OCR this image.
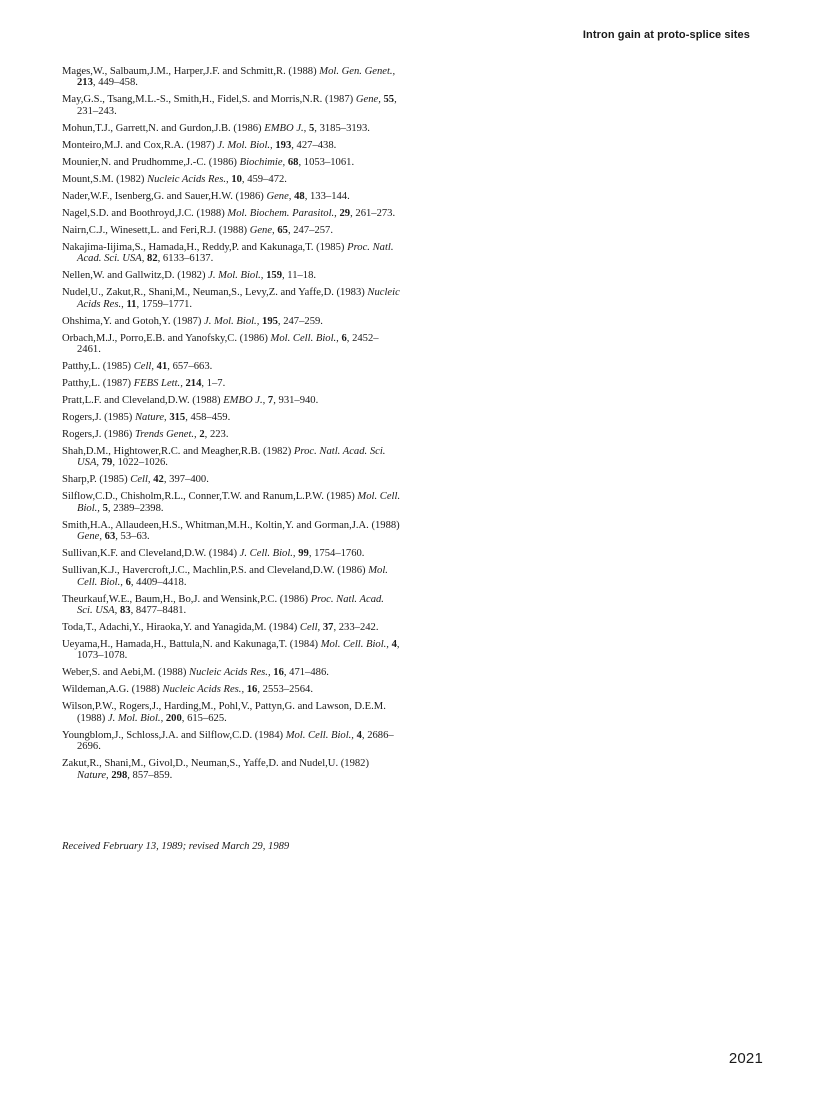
Intron gain at proto-splice sites
Mages,W., Salbaum,J.M., Harper,J.F. and Schmitt,R. (1988) Mol. Gen. Genet., 213, 449–458.
May,G.S., Tsang,M.L.-S., Smith,H., Fidel,S. and Morris,N.R. (1987) Gene, 55, 231–243.
Mohun,T.J., Garrett,N. and Gurdon,J.B. (1986) EMBO J., 5, 3185–3193.
Monteiro,M.J. and Cox,R.A. (1987) J. Mol. Biol., 193, 427–438.
Mounier,N. and Prudhomme,J.-C. (1986) Biochimie, 68, 1053–1061.
Mount,S.M. (1982) Nucleic Acids Res., 10, 459–472.
Nader,W.F., Isenberg,G. and Sauer,H.W. (1986) Gene, 48, 133–144.
Nagel,S.D. and Boothroyd,J.C. (1988) Mol. Biochem. Parasitol., 29, 261–273.
Nairn,C.J., Winesett,L. and Feri,R.J. (1988) Gene, 65, 247–257.
Nakajima-Iijima,S., Hamada,H., Reddy,P. and Kakunaga,T. (1985) Proc. Natl. Acad. Sci. USA, 82, 6133–6137.
Nellen,W. and Gallwitz,D. (1982) J. Mol. Biol., 159, 11–18.
Nudel,U., Zakut,R., Shani,M., Neuman,S., Levy,Z. and Yaffe,D. (1983) Nucleic Acids Res., 11, 1759–1771.
Ohshima,Y. and Gotoh,Y. (1987) J. Mol. Biol., 195, 247–259.
Orbach,M.J., Porro,E.B. and Yanofsky,C. (1986) Mol. Cell. Biol., 6, 2452–2461.
Patthy,L. (1985) Cell, 41, 657–663.
Patthy,L. (1987) FEBS Lett., 214, 1–7.
Pratt,L.F. and Cleveland,D.W. (1988) EMBO J., 7, 931–940.
Rogers,J. (1985) Nature, 315, 458–459.
Rogers,J. (1986) Trends Genet., 2, 223.
Shah,D.M., Hightower,R.C. and Meagher,R.B. (1982) Proc. Natl. Acad. Sci. USA, 79, 1022–1026.
Sharp,P. (1985) Cell, 42, 397–400.
Silflow,C.D., Chisholm,R.L., Conner,T.W. and Ranum,L.P.W. (1985) Mol. Cell. Biol., 5, 2389–2398.
Smith,H.A., Allaudeen,H.S., Whitman,M.H., Koltin,Y. and Gorman,J.A. (1988) Gene, 63, 53–63.
Sullivan,K.F. and Cleveland,D.W. (1984) J. Cell. Biol., 99, 1754–1760.
Sullivan,K.J., Havercroft,J.C., Machlin,P.S. and Cleveland,D.W. (1986) Mol. Cell. Biol., 6, 4409–4418.
Theurkauf,W.E., Baum,H., Bo,J. and Wensink,P.C. (1986) Proc. Natl. Acad. Sci. USA, 83, 8477–8481.
Toda,T., Adachi,Y., Hiraoka,Y. and Yanagida,M. (1984) Cell, 37, 233–242.
Ueyama,H., Hamada,H., Battula,N. and Kakunaga,T. (1984) Mol. Cell. Biol., 4, 1073–1078.
Weber,S. and Aebi,M. (1988) Nucleic Acids Res., 16, 471–486.
Wildeman,A.G. (1988) Nucleic Acids Res., 16, 2553–2564.
Wilson,P.W., Rogers,J., Harding,M., Pohl,V., Pattyn,G. and Lawson, D.E.M. (1988) J. Mol. Biol., 200, 615–625.
Youngblom,J., Schloss,J.A. and Silflow,C.D. (1984) Mol. Cell. Biol., 4, 2686–2696.
Zakut,R., Shani,M., Givol,D., Neuman,S., Yaffe,D. and Nudel,U. (1982) Nature, 298, 857–859.
Received February 13, 1989; revised March 29, 1989
2021
